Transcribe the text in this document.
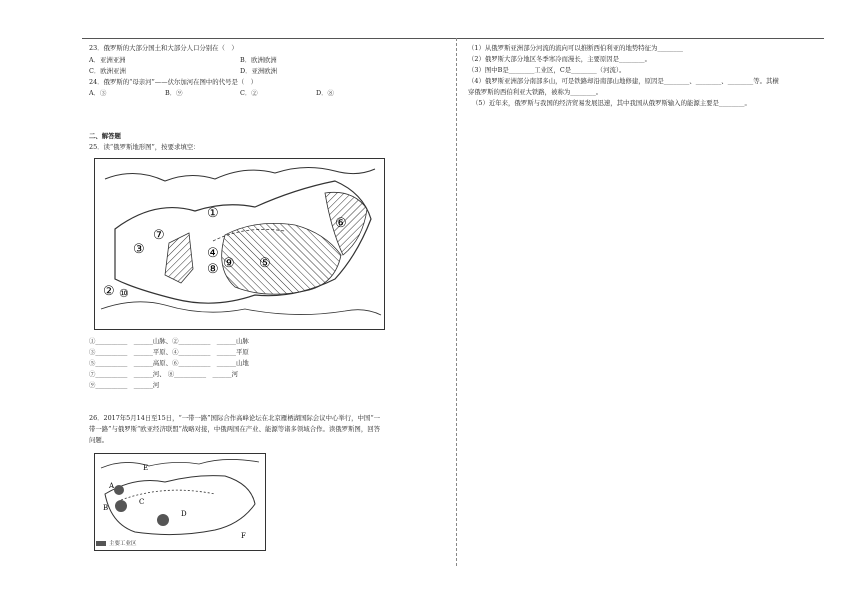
23．俄罗斯的大部分国土和大部分人口分别在（　）
A．亚洲亚洲	B．欧洲欧洲
C．欧洲亚洲	D．亚洲欧洲
24．俄罗斯的“母亲河”——伏尔加河在图中的代号是（　）
A．③	B．⑨	C．②	D．⑧
二、解答题
25．读“俄罗斯地形图”，按要求填空：
①
②
③	④
⑤
⑥
⑦
⑧ ⑨
⑩
①__________　______山脉、②__________　______山脉
③__________　______平原、④__________　______平原
⑤__________　______高原、⑥__________　______山地
⑦__________　______河、 ⑧__________　______河
⑨__________　______河
26．2017年5月14日至15日，“一带一路”国际合作高峰论坛在北京雁栖湖国际会议中心举行，中国“一
带一路”与俄罗斯“欧亚经济联盟”战略对接，中俄两国在产业、能源等诸多领域合作。读俄罗斯图，回答
问题。
E
A
B
C
D
F
主要工业区
（1）从俄罗斯亚洲部分河流的流向可以推断西伯利亚的地势特征为________
（2）俄罗斯大部分地区冬季寒冷而漫长，主要原因是________。
（3）图中B是________工业区，C是________（河流）。
（4）俄罗斯亚洲部分南部多山，可是铁路却沿南部山地修建，原因是________、________、________等。其横
穿俄罗斯的西伯利亚大铁路，被称为________。
（5）近年来，俄罗斯与我国的经济贸易发展迅速，其中我国从俄罗斯输入的能源主要是________。
